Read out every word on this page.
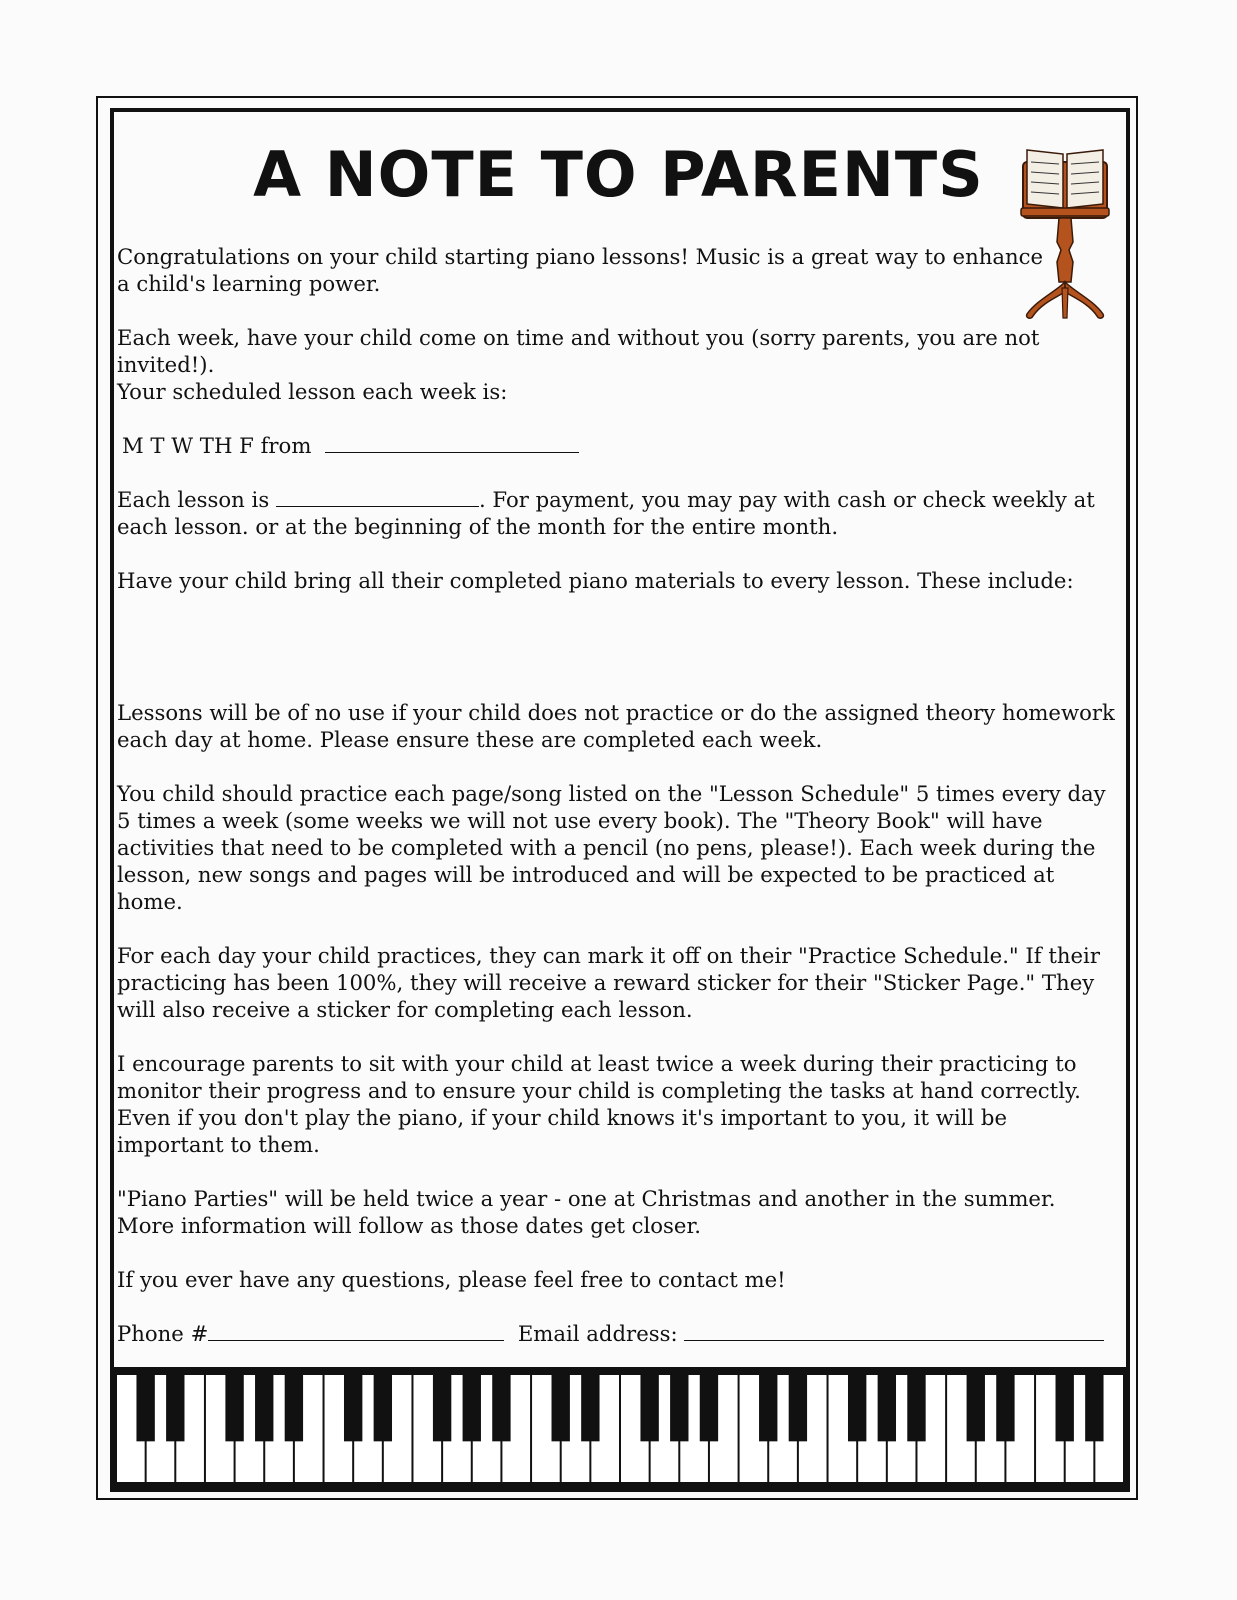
A NOTE TO PARENTS

Congratulations on your child starting piano lessons! Music is a great way to enhance a child's learning power.

Each week, have your child come on time and without you (sorry parents, you are not invited!).
Your scheduled lesson each week is:

M T W TH F from

Each lesson is	. For payment, you may pay with cash or check weekly at each lesson. or at the beginning of the month for the entire month.

Have your child bring all their completed piano materials to every lesson. These include:

Lessons will be of no use if your child does not practice or do the assigned theory homework each day at home. Please ensure these are completed each week.

You child should practice each page/song listed on the "Lesson Schedule" 5 times every day 5 times a week (some weeks we will not use every book). The "Theory Book" will have activities that need to be completed with a pencil (no pens, please!). Each week during the lesson, new songs and pages will be introduced and will be expected to be practiced at home.

For each day your child practices, they can mark it off on their "Practice Schedule." If their practicing has been 100%, they will receive a reward sticker for their "Sticker Page." They will also receive a sticker for completing each lesson.

I encourage parents to sit with your child at least twice a week during their practicing to monitor their progress and to ensure your child is completing the tasks at hand correctly. Even if you don't play the piano, if your child knows it's important to you, it will be important to them.

"Piano Parties" will be held twice a year - one at Christmas and another in the summer. More information will follow as those dates get closer.

If you ever have any questions, please feel free to contact me!

Phone #	Email address:
